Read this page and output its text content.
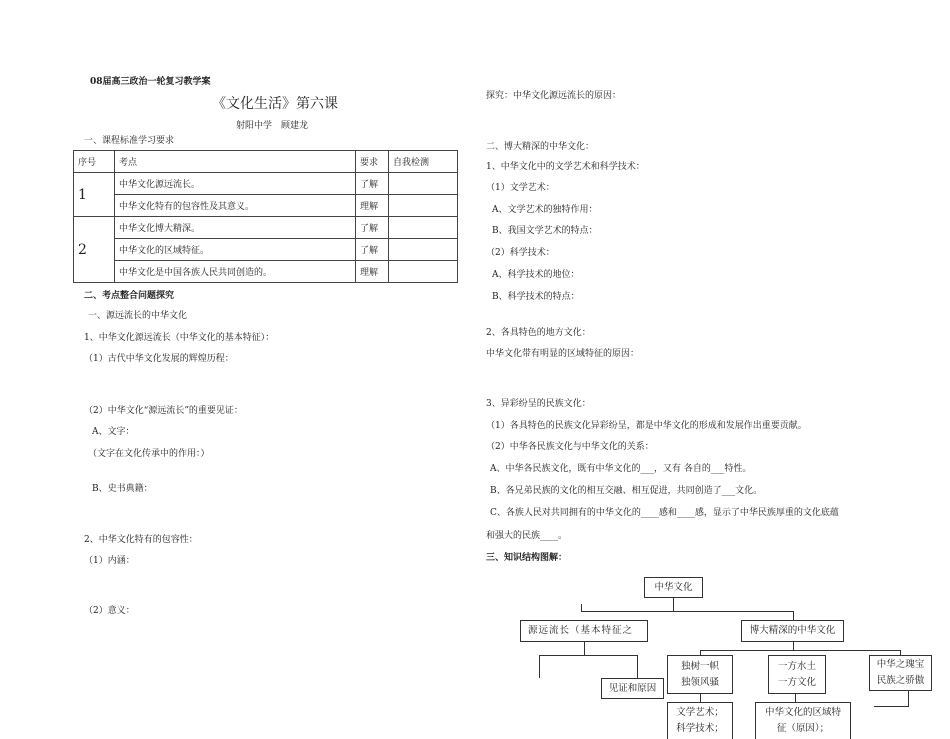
08届高三政治一轮复习教学案
《文化生活》第六课
射阳中学　顾建龙
一、课程标准学习要求
序号	考点	要求	自我检测
1	中华文化源远流长。	了解	
	中华文化特有的包容性及其意义。	理解	
2	中华文化博大精深。	了解	
	中华文化的区域特征。	了解	
	中华文化是中国各族人民共同创造的。	理解	
二、考点整合问题探究
一、源远流长的中华文化
1、中华文化源远流长（中华文化的基本特征）：
（1）古代中华文化发展的辉煌历程：
（2）中华文化“源远流长”的重要见证：
A、文字：
（文字在文化传承中的作用：）
B、史书典籍：
2、中华文化特有的包容性：
（1）内涵：
（2）意义：
探究：中华文化源远流长的原因：
二、博大精深的中华文化：
1、中华文化中的文学艺术和科学技术：
（1）文学艺术：
A、文学艺术的独特作用：
B、我国文学艺术的特点：
（2）科学技术：
A、科学技术的地位：
B、科学技术的特点：
2、各具特色的地方文化：
中华文化带有明显的区域特征的原因：
3、异彩纷呈的民族文化：
（1）各具特色的民族文化异彩纷呈，都是中华文化的形成和发展作出重要贡献。
（2）中华各民族文化与中华文化的关系：
A、中华各民族文化，既有中华文化的___，又有 各自的___特性。
B、各兄弟民族的文化的相互交融、相互促进，共同创造了___文化。
C、各族人民对共同拥有的中华文化的____感和____感，显示了中华民族厚重的文化底蕴
和强大的民族____。
三、知识结构图解：
中华文化
源远流长（基本特征之	博大精深的中华文化
见证和原因
独树一帜
独领风骚
一方水土
一方文化
中华之瑰宝
民族之骄傲
文学艺术；
科学技术；
中华文化的区域特
征（原因）；
